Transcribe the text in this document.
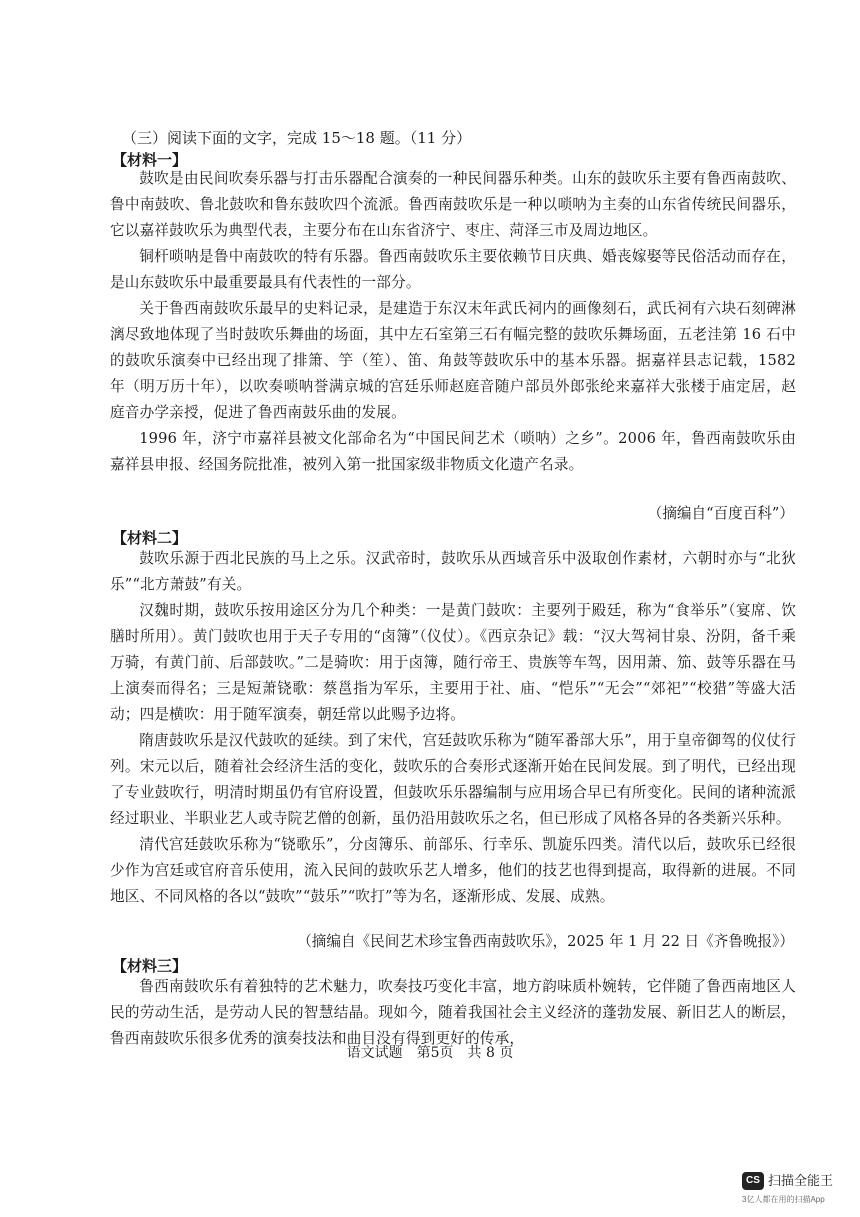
（三）阅读下面的文字，完成 15～18 题。（11 分）
【材料一】

鼓吹是由民间吹奏乐器与打击乐器配合演奏的一种民间器乐种类。山东的鼓吹乐主要有鲁西南鼓吹、鲁中南鼓吹、鲁北鼓吹和鲁东鼓吹四个流派。鲁西南鼓吹乐是一种以唢呐为主奏的山东省传统民间器乐，它以嘉祥鼓吹乐为典型代表，主要分布在山东省济宁、枣庄、菏泽三市及周边地区。

铜杆唢呐是鲁中南鼓吹的特有乐器。鲁西南鼓吹乐主要依赖节日庆典、婚丧嫁娶等民俗活动而存在，是山东鼓吹乐中最重要最具有代表性的一部分。

关于鲁西南鼓吹乐最早的史料记录，是建造于东汉末年武氏祠内的画像刻石，武氏祠有六块石刻碑淋漓尽致地体现了当时鼓吹乐舞曲的场面，其中左石室第三石有幅完整的鼓吹乐舞场面，五老洼第 16 石中的鼓吹乐演奏中已经出现了排箫、竽（笙）、笛、角鼓等鼓吹乐中的基本乐器。据嘉祥县志记载，1582 年（明万历十年），以吹奏唢呐誉满京城的宫廷乐师赵庭音随户部员外郎张纶来嘉祥大张楼于庙定居，赵庭音办学亲授，促进了鲁西南鼓乐曲的发展。

1996 年，济宁市嘉祥县被文化部命名为“中国民间艺术（唢呐）之乡”。2006 年，鲁西南鼓吹乐由嘉祥县申报、经国务院批准，被列入第一批国家级非物质文化遗产名录。

（摘编自“百度百科”）
【材料二】

鼓吹乐源于西北民族的马上之乐。汉武帝时，鼓吹乐从西域音乐中汲取创作素材，六朝时亦与“北狄乐”“北方萧鼓”有关。

汉魏时期，鼓吹乐按用途区分为几个种类：一是黄门鼓吹：主要列于殿廷，称为“食举乐”（宴席、饮膳时所用）。黄门鼓吹也用于天子专用的“卤簿”（仪仗）。《西京杂记》载：“汉大驾祠甘泉、汾阴，备千乘万骑，有黄门前、后部鼓吹。”二是骑吹：用于卤簿，随行帝王、贵族等车驾，因用萧、笳、鼓等乐器在马上演奏而得名；三是短萧铙歌：蔡邕指为军乐，主要用于社、庙、“恺乐”“无会”“郊祀”“校猎”等盛大活动；四是横吹：用于随军演奏，朝廷常以此赐予边将。

隋唐鼓吹乐是汉代鼓吹的延续。到了宋代，宫廷鼓吹乐称为“随军番部大乐”，用于皇帝御驾的仪仗行列。宋元以后，随着社会经济生活的变化，鼓吹乐的合奏形式逐渐开始在民间发展。到了明代，已经出现了专业鼓吹行，明清时期虽仍有官府设置，但鼓吹乐乐器编制与应用场合早已有所变化。民间的诸种流派经过职业、半职业艺人或寺院艺僧的创新，虽仍沿用鼓吹乐之名，但已形成了风格各异的各类新兴乐种。

清代宫廷鼓吹乐称为“铙歌乐”，分卤簿乐、前部乐、行幸乐、凯旋乐四类。清代以后，鼓吹乐已经很少作为宫廷或官府音乐使用，流入民间的鼓吹乐艺人增多，他们的技艺也得到提高，取得新的进展。不同地区、不同风格的各以“鼓吹”“鼓乐”“吹打”等为名，逐渐形成、发展、成熟。

（摘编自《民间艺术珍宝鲁西南鼓吹乐》，2025 年 1 月 22 日《齐鲁晚报》）
【材料三】

鲁西南鼓吹乐有着独特的艺术魅力，吹奏技巧变化丰富，地方韵味质朴婉转，它伴随了鲁西南地区人民的劳动生活，是劳动人民的智慧结晶。现如今，随着我国社会主义经济的蓬勃发展、新旧艺人的断层，鲁西南鼓吹乐很多优秀的演奏技法和曲目没有得到更好的传承，

语文试题　第5页　共 8 页
CS 扫描全能王
3亿人都在用的扫描App
